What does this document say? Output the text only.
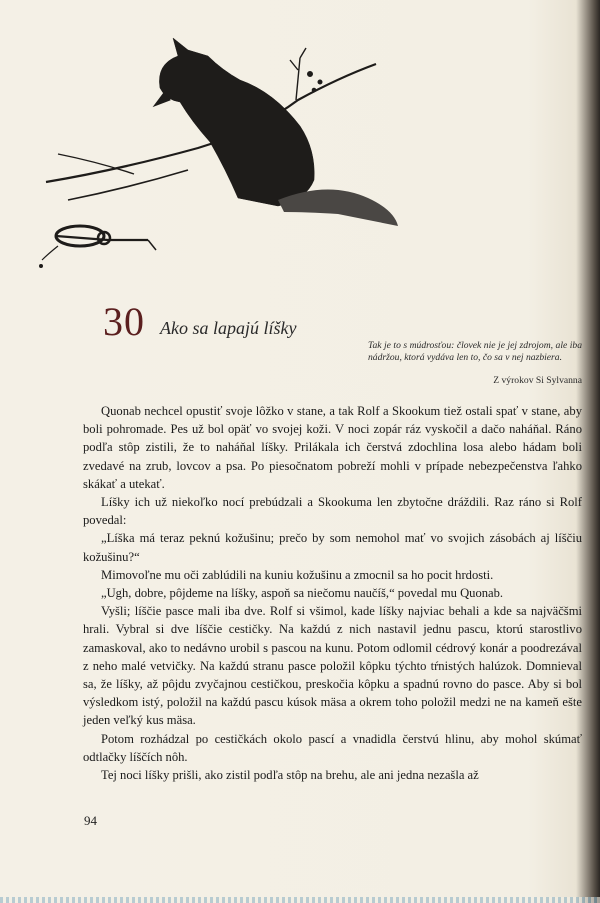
30 Ako sa lapajú líšky
Tak je to s múdrosťou: človek nie je jej zdrojom, ale iba nádržou, ktorá vydáva len to, čo sa v nej nazbiera.
Z výrokov Si Sylvanna

Quonab nechcel opustiť svoje lôžko v stane, a tak Rolf a Skookum tiež ostali spať v stane, aby boli pohromade. Pes už bol opäť vo svojej koži. V noci zopár ráz vyskočil a dačo naháňal. Ráno podľa stôp zistili, že to naháňal líšky. Prilákala ich čerstvá zdochlina losa alebo hádam boli zvedavé na zrub, lovcov a psa. Po piesočnatom pobreží mohli v prípade nebezpečenstva ľahko skákať a utekať.

Líšky ich už niekoľko nocí prebúdzali a Skookuma len zbytočne dráždili. Raz ráno si Rolf povedal:

„Líška má teraz peknú kožušinu; prečo by som nemohol mať vo svojich zásobách aj líščiu kožušinu?“

Mimovoľne mu oči zablúdili na kuniu kožušinu a zmocnil sa ho pocit hrdosti.

„Ugh, dobre, pôjdeme na líšky, aspoň sa niečomu naučíš,“ povedal mu Quonab.

Vyšli; líščie pasce mali iba dve. Rolf si všimol, kade líšky najviac behali a kde sa najväčšmi hrali. Vybral si dve líščie cestičky. Na každú z nich nastavil jednu pascu, ktorú starostlivo zamaskoval, ako to nedávno urobil s pascou na kunu. Potom odlomil cédrový konár a poodrezával z neho malé vetvičky. Na každú stranu pasce položil kôpku týchto tŕnistých halúzok. Domnieval sa, že líšky, až pôjdu zvyčajnou cestičkou, preskočia kôpku a spadnú rovno do pasce. Aby si bol výsledkom istý, položil na každú pascu kúsok mäsa a okrem toho položil medzi ne na kameň ešte jeden veľký kus mäsa.

Potom rozhádzal po cestičkách okolo pascí a vnadidla čerstvú hlinu, aby mohol skúmať odtlačky líščích nôh.

Tej noci líšky prišli, ako zistil podľa stôp na brehu, ale ani jedna nezašla až

94
